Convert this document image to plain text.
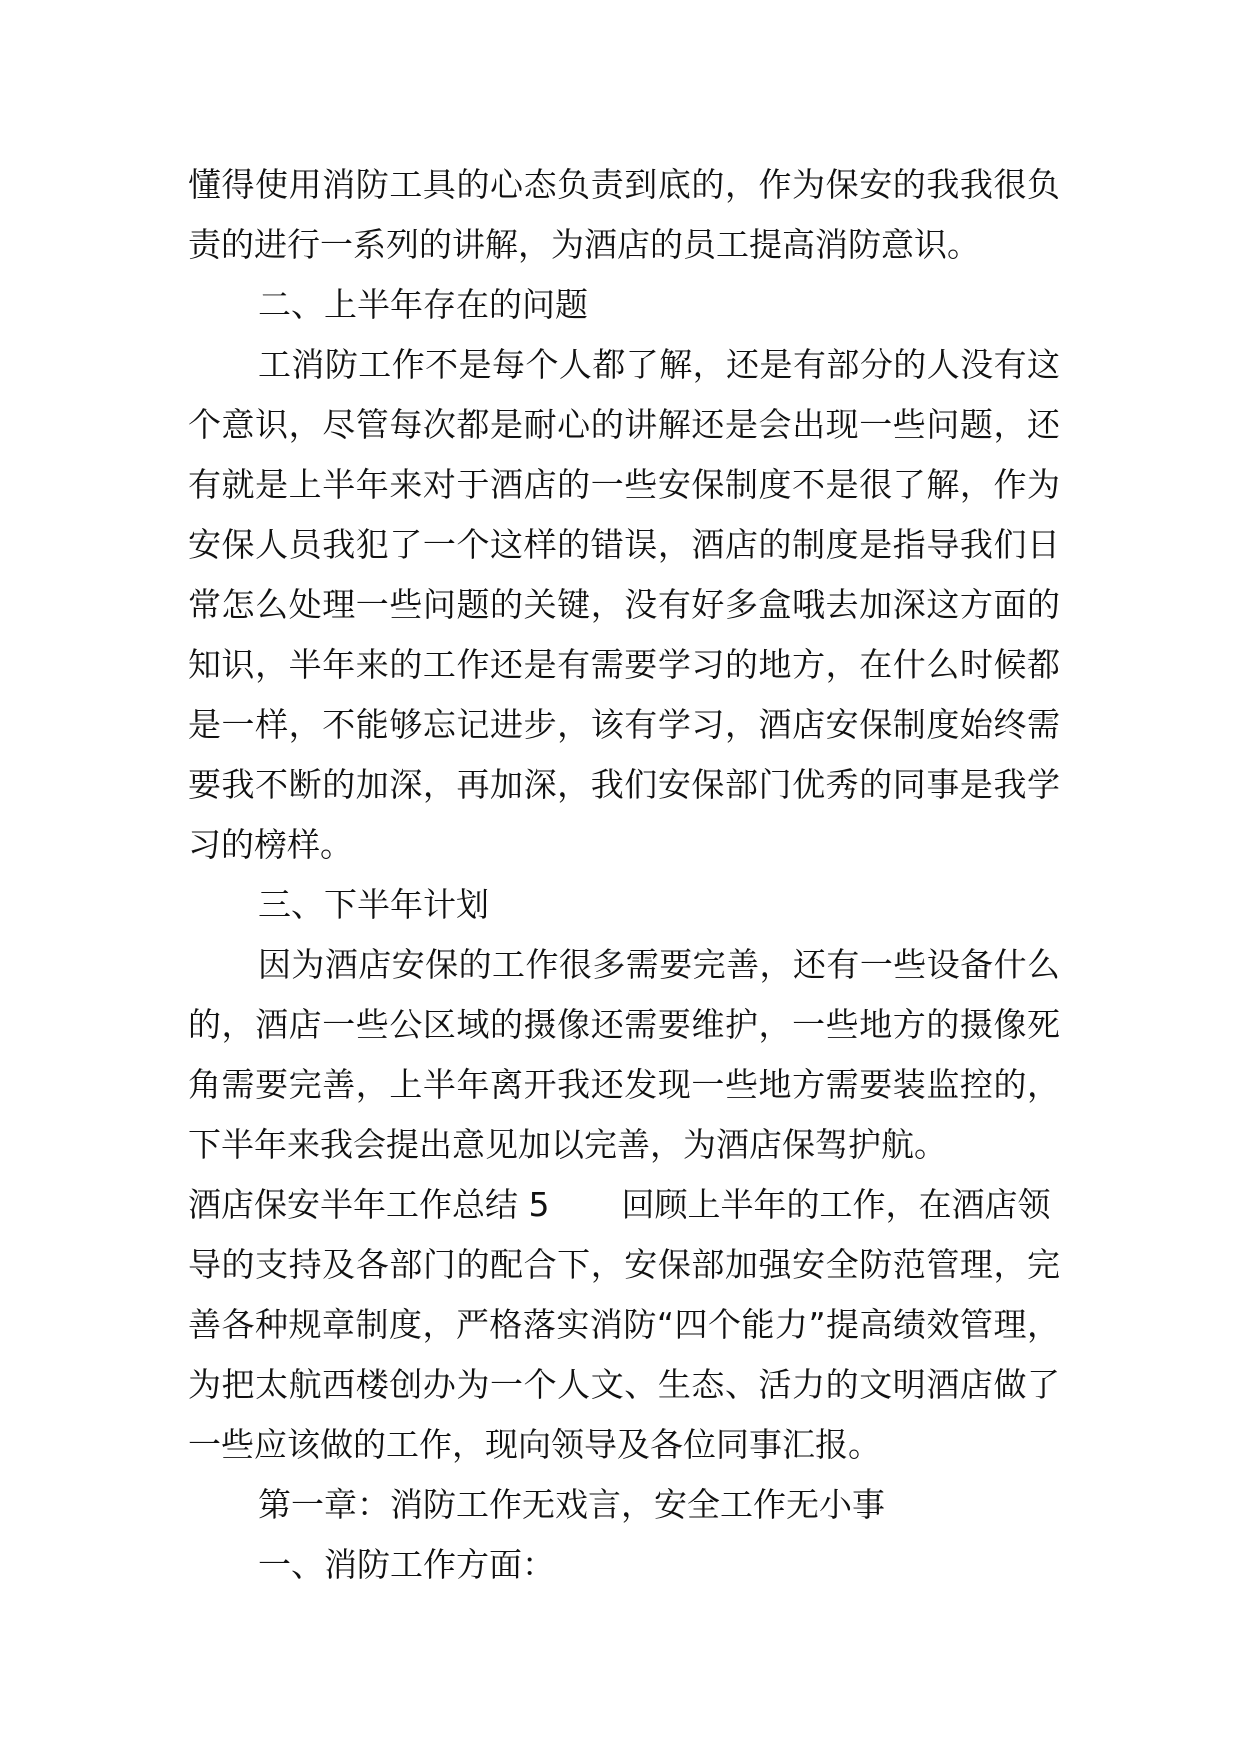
懂得使用消防工具的心态负责到底的，作为保安的我我很负
责的进行一系列的讲解，为酒店的员工提高消防意识。
二、上半年存在的问题
工消防工作不是每个人都了解，还是有部分的人没有这
个意识，尽管每次都是耐心的讲解还是会出现一些问题，还
有就是上半年来对于酒店的一些安保制度不是很了解，作为
安保人员我犯了一个这样的错误，酒店的制度是指导我们日
常怎么处理一些问题的关键，没有好多盒哦去加深这方面的
知识，半年来的工作还是有需要学习的地方，在什么时候都
是一样，不能够忘记进步，该有学习，酒店安保制度始终需
要我不断的加深，再加深，我们安保部门优秀的同事是我学
习的榜样。
三、下半年计划
因为酒店安保的工作很多需要完善，还有一些设备什么
的，酒店一些公区域的摄像还需要维护，一些地方的摄像死
角需要完善，上半年离开我还发现一些地方需要装监控的，
下半年来我会提出意见加以完善，为酒店保驾护航。
酒店保安半年工作总结 5 回顾上半年的工作，在酒店领
导的支持及各部门的配合下，安保部加强安全防范管理，完
善各种规章制度，严格落实消防“四个能力”提高绩效管理，
为把太航西楼创办为一个人文、生态、活力的文明酒店做了
一些应该做的工作，现向领导及各位同事汇报。
第一章：消防工作无戏言，安全工作无小事
一、消防工作方面：
